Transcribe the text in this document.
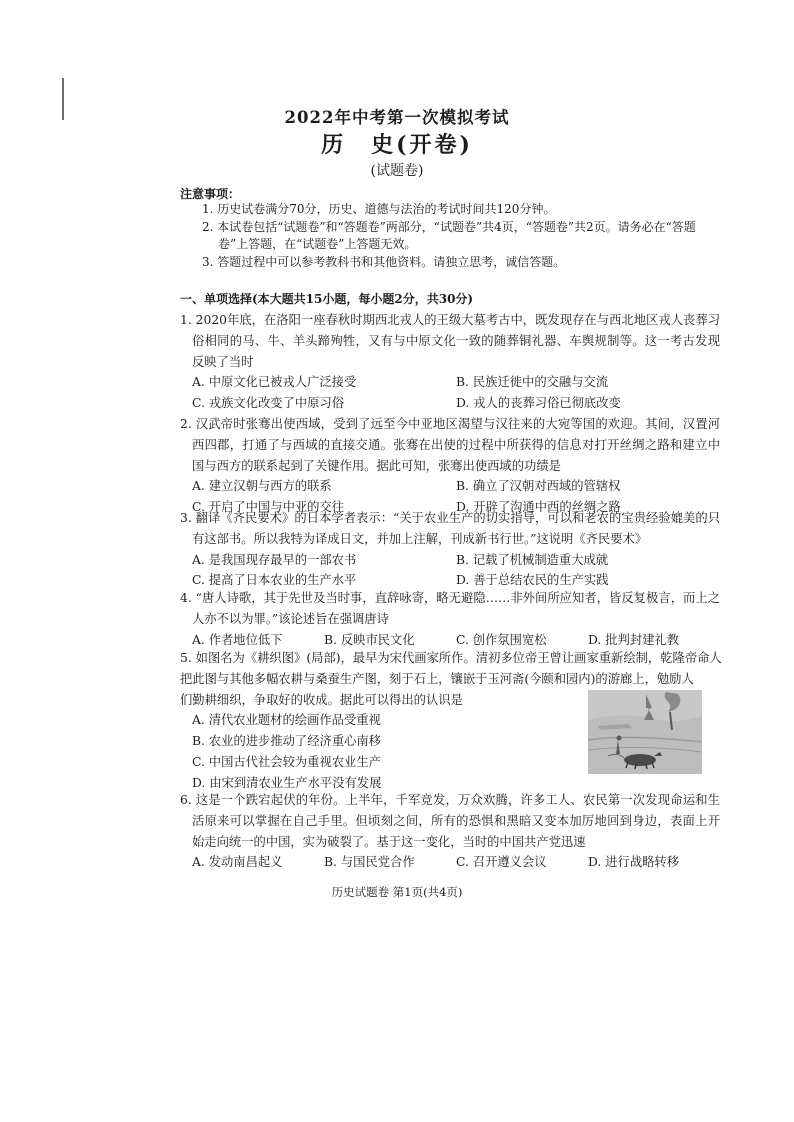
2022年中考第一次模拟考试
历　史(开卷)
(试题卷)
注意事项：
1. 历史试卷满分70分，历史、道德与法治的考试时间共120分钟。
2. 本试卷包括“试题卷”和“答题卷”两部分，“试题卷”共4页，“答题卷”共2页。请务必在“答题卷”上答题，在“试题卷”上答题无效。
3. 答题过程中可以参考教科书和其他资料。请独立思考，诚信答题。
一、单项选择(本大题共15小题，每小题2分，共30分)
1. 2020年底，在洛阳一座春秋时期西北戎人的王级大墓考古中，既发现存在与西北地区戎人丧葬习俗相同的马、牛、羊头蹄殉牲，又有与中原文化一致的随葬铜礼器、车舆规制等。这一考古发现反映了当时
A. 中原文化已被戎人广泛接受	B. 民族迁徙中的交融与交流
C. 戎族文化改变了中原习俗	D. 戎人的丧葬习俗已彻底改变
2. 汉武帝时张骞出使西域，受到了远至今中亚地区渴望与汉往来的大宛等国的欢迎。其间，汉置河西四郡，打通了与西域的直接交通。张骞在出使的过程中所获得的信息对打开丝绸之路和建立中国与西方的联系起到了关键作用。据此可知，张骞出使西域的功绩是
A. 建立汉朝与西方的联系	B. 确立了汉朝对西域的管辖权
C. 开启了中国与中亚的交往	D. 开辟了沟通中西的丝绸之路
3. 翻译《齐民要术》的日本学者表示：“关于农业生产的切实指导，可以和老农的宝贵经验媲美的只有这部书。所以我特为译成日文，并加上注解，刊成新书行世。”这说明《齐民要术》
A. 是我国现存最早的一部农书	B. 记载了机械制造重大成就
C. 提高了日本农业的生产水平	D. 善于总结农民的生产实践
4. “唐人诗歌，其于先世及当时事，直辞咏寄，略无避隐……非外间所应知者，皆反复极言，而上之人亦不以为罪。”该论述旨在强调唐诗
A. 作者地位低下	B. 反映市民文化	C. 创作氛围宽松	D. 批判封建礼教
5. 如图名为《耕织图》(局部)，最早为宋代画家所作。清初多位帝王曾让画家重新绘制，乾隆帝命人
把此图与其他多幅农耕与桑蚕生产图，刻于石上，镶嵌于玉河斋(今颐和园内)的游廊上，勉励人
们勤耕细织，争取好的收成。据此可以得出的认识是
A. 清代农业题材的绘画作品受重视
B. 农业的进步推动了经济重心南移
C. 中国古代社会较为重视农业生产
D. 由宋到清农业生产水平没有发展
6. 这是一个跌宕起伏的年份。上半年，千军竞发，万众欢腾，许多工人、农民第一次发现命运和生活原来可以掌握在自己手里。但顷刻之间，所有的恐惧和黑暗又变本加厉地回到身边，表面上开始走向统一的中国，实为破裂了。基于这一变化，当时的中国共产党迅速
A. 发动南昌起义	B. 与国民党合作	C. 召开遵义会议	D. 进行战略转移
历史试题卷 第1页(共4页)
